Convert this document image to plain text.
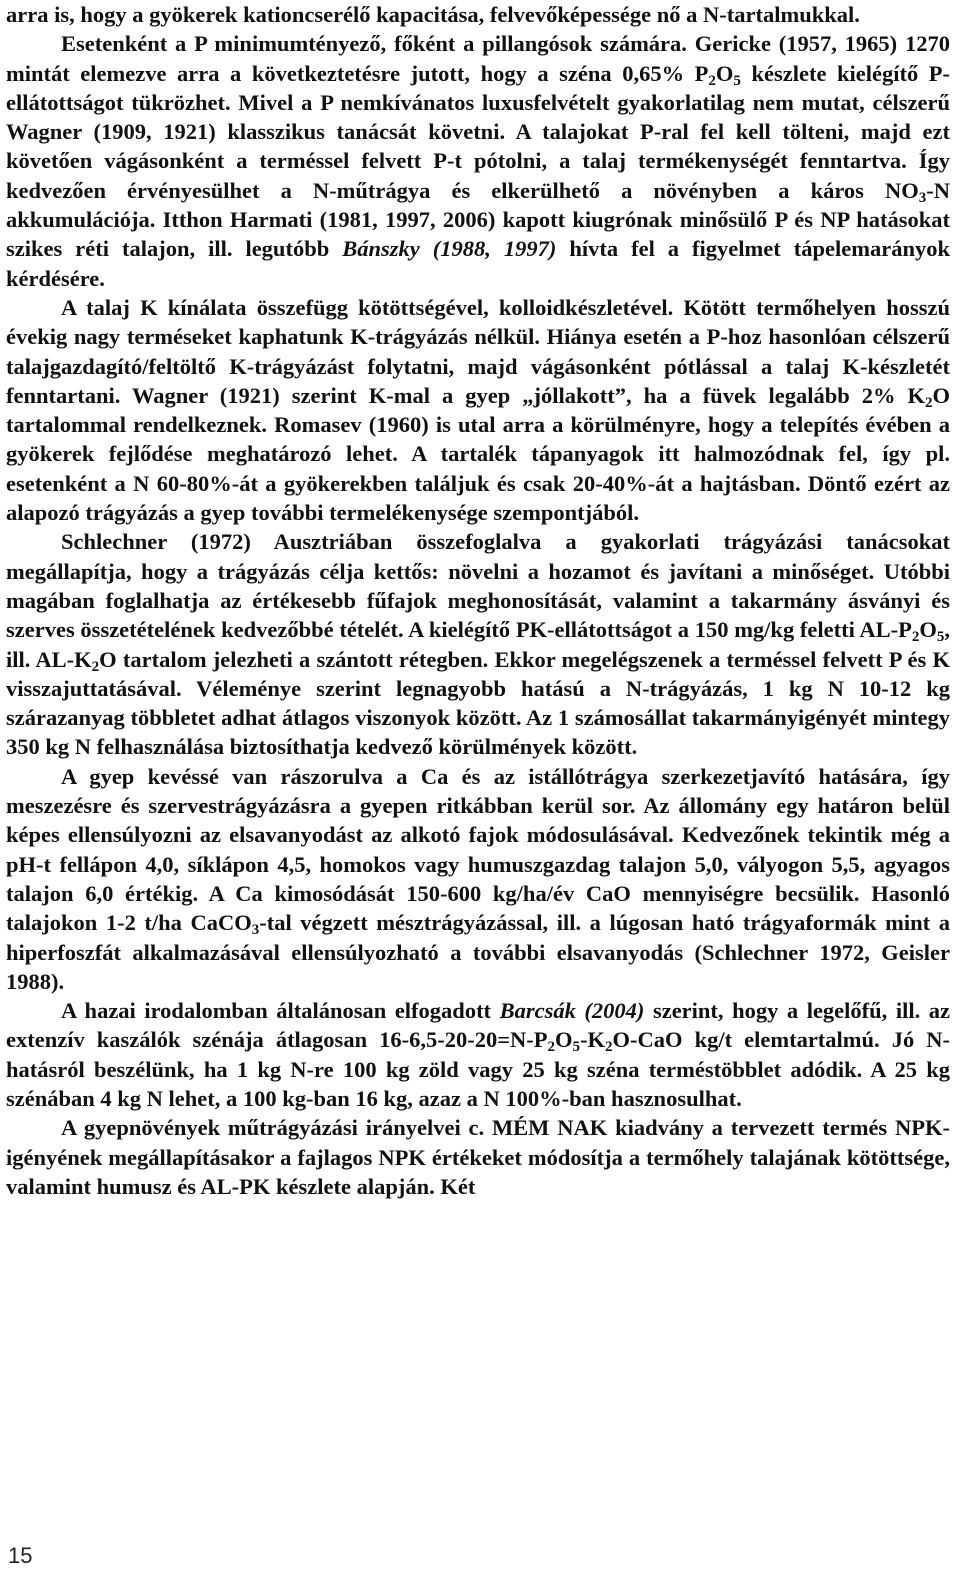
arra is, hogy a gyökerek kationcserélő kapacitása, felvevőképessége nő a N-tartalmukkal.

Esetenként a P minimumtényező, főként a pillangósok számára. Gericke (1957, 1965) 1270 mintát elemezve arra a következtetésre jutott, hogy a széna 0,65% $P_2O_5$ készlete kielégítő P-ellátottságot tükrözhet. Mivel a P nemkívánatos luxusfelvételt gyakorlatilag nem mutat, célszerű Wagner (1909, 1921) klasszikus tanácsát követni. A talajokat P-ral fel kell tölteni, majd ezt követően vágásonként a terméssel felvett P-t pótolni, a talaj termékenységét fenntartva. Így kedvezően érvényesülhet a N-műtrágya és elkerülhető a növényben a káros $NO_3-N$ akkumulációja. Itthon Harmati (1981, 1997, 2006) kapott kiugrónak minősülő P és NP hatásokat szikes réti talajon, ill. legutóbb Bánszky (1988, 1997) hívta fel a figyelmet tápelemarányok kérdésére.

A talaj K kínálata összefügg kötöttségével, kolloidkészletével. Kötött termőhelyen hosszú évekig nagy terméseket kaphatunk K-trágyázás nélkül. Hiánya esetén a P-hoz hasonlóan célszerű talajgazdagító/feltöltő K-trágyázást folytatni, majd vágásonként pótlással a talaj K-készletét fenntartani. Wagner (1921) szerint K-mal a gyep „jóllakott”, ha a füvek legalább 2% $K_2O$ tartalommal rendelkeznek. Romasev (1960) is utal arra a körülményre, hogy a telepítés évében a gyökerek fejlődése meghatározó lehet. A tartalék tápanyagok itt halmozódnak fel, így pl. esetenként a N 60-80%-át a gyökerekben találjuk és csak 20-40%-át a hajtásban. Döntő ezért az alapozó trágyázás a gyep további termelékenysége szempontjából.

Schlechner (1972) Ausztriában összefoglalva a gyakorlati trágyázási tanácsokat megállapítja, hogy a trágyázás célja kettős: növelni a hozamot és javítani a minőséget. Utóbbi magában foglalhatja az értékesebb fűfajok meghonosítását, valamint a takarmány ásványi és szerves összetételének kedvezőbbé tételét. A kielégítő PK-ellátottságot a 150 mg/kg feletti $AL-P_2O_5$, ill. $AL-K_2O$ tartalom jelezheti a szántott rétegben. Ekkor megelégszenek a terméssel felvett P és K visszajuttatásával. Véleménye szerint legnagyobb hatású a N-trágyázás, 1 kg N 10-12 kg szárazanyag többletet adhat átlagos viszonyok között. Az 1 számosállat takarmányigényét mintegy 350 kg N felhasználása biztosíthatja kedvező körülmények között.

A gyep kevéssé van rászorulva a Ca és az istállótrágya szerkezetjavító hatására, így meszezésre és szervestrágyázásra a gyepen ritkábban kerül sor. Az állomány egy határon belül képes ellensúlyozni az elsavanyodást az alkotó fajok módosulásával. Kedvezőnek tekintik még a pH-t fellápon 4,0, síklápon 4,5, homokos vagy humuszgazdag talajon 5,0, vályogon 5,5, agyagos talajon 6,0 értékig. A Ca kimosódását 150-600 kg/ha/év CaO mennyiségre becsülik. Hasonló talajokon 1-2 t/ha CaCO$_3$-tal végzett mésztrágyázással, ill. a lúgosan ható trágyaformák mint a hiperfoszfát alkalmazásával ellensúlyozható a további elsavanyodás (Schlechner 1972, Geisler 1988).

A hazai irodalomban általánosan elfogadott Barcsák (2004) szerint, hogy a legelőfű, ill. az extenzív kaszálók szénája átlagosan $16-6,5-20-20=N-P_2O_5-K_2O$-CaO kg/t elemtartalmú. Jó N-hatásról beszélünk, ha 1 kg N-re 100 kg zöld vagy 25 kg széna terméstöbblet adódik. A 25 kg szénában 4 kg N lehet, a 100 kg-ban 16 kg, azaz a N 100%-ban hasznosulhat.

A gyepnövények műtrágyázási irányelvei c. MÉM NAK kiadvány a tervezett termés NPK-igényének megállapításakor a fajlagos NPK értékeket módosítja a termőhely talajának kötöttsége, valamint humusz és AL-PK készlete alapján. Két

15
